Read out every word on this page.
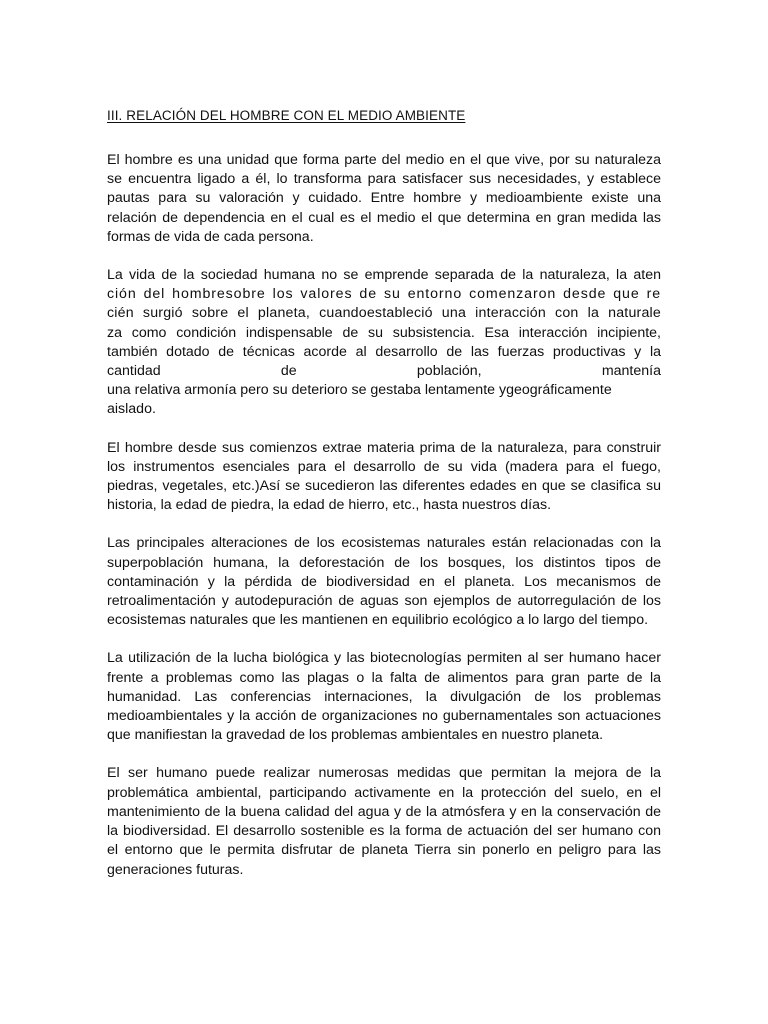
III. RELACIÓN DEL HOMBRE CON EL MEDIO AMBIENTE

El hombre es una unidad que forma parte del medio en el que vive, por su naturaleza se encuentra ligado a él, lo transforma para satisfacer sus necesidades, y establece pautas para su valoración y cuidado. Entre hombre y medioambiente existe una relación de dependencia en el cual es el medio el que determina en gran medida las formas de vida de cada persona.

La vida de la sociedad humana no se emprende separada de la naturaleza, la aten
ción del hombresobre los valores de su entorno comenzaron desde que re
cién surgió sobre el planeta, cuandoestableció una interacción con la naturale
za como condición indispensable de su subsistencia. Esa interacción incipiente,
también dotado de técnicas acorde al desarrollo de las fuerzas productivas y la
cantidad de población, mantenía
una relativa armonía pero su deterioro se gestaba lentamente ygeográficamente
aislado.

El hombre desde sus comienzos extrae materia prima de la naturaleza, para construir los instrumentos esenciales para el desarrollo de su vida (madera para el fuego, piedras, vegetales, etc.)Así se sucedieron las diferentes edades en que se clasifica su historia, la edad de piedra, la edad de hierro, etc., hasta nuestros días.

Las principales alteraciones de los ecosistemas naturales están relacionadas con la superpoblación humana, la deforestación de los bosques, los distintos tipos de contaminación y la pérdida de biodiversidad en el planeta. Los mecanismos de retroalimentación y autodepuración de aguas son ejemplos de autorregulación de los ecosistemas naturales que les mantienen en equilibrio ecológico a lo largo del tiempo.

La utilización de la lucha biológica y las biotecnologías permiten al ser humano hacer frente a problemas como las plagas o la falta de alimentos para gran parte de la humanidad. Las conferencias internaciones, la divulgación de los problemas medioambientales y la acción de organizaciones no gubernamentales son actuaciones que manifiestan la gravedad de los problemas ambientales en nuestro planeta.

El ser humano puede realizar numerosas medidas que permitan la mejora de la problemática ambiental, participando activamente en la protección del suelo, en el mantenimiento de la buena calidad del agua y de la atmósfera y en la conservación de la biodiversidad. El desarrollo sostenible es la forma de actuación del ser humano con el entorno que le permita disfrutar de planeta Tierra sin ponerlo en peligro para las generaciones futuras.
